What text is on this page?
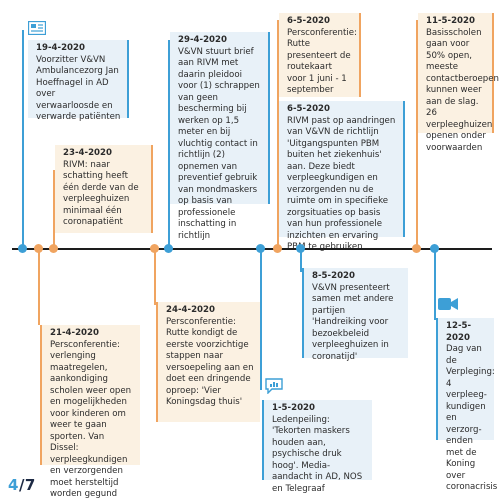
19-4-2020
Voorzitter V&VN Ambulancezorg Jan Hoeffnagel in AD over verwaarloosde en verwarde patiënten
23-4-2020
RIVM: naar schatting heeft één derde van de verpleeghuizen minimaal één coronapatiënt
29-4-2020
V&VN stuurt brief aan RIVM met daarin pleidooi voor (1) schrappen van geen bescherming bij werken op 1,5 meter en bij vluchtig contact in richtlijn (2) opnemen van preventief gebruik van mondmaskers op basis van professionele inschatting in richtlijn
6-5-2020
Persconferentie: Rutte presenteert de routekaart voor 1 juni - 1 september
6-5-2020
RIVM past op aandringen van V&VN de richtlijn 'Uitgangspunten PBM buiten het ziekenhuis' aan. Deze biedt verpleegkundigen en verzorgenden nu de ruimte om in specifieke zorgsituaties op basis van hun professionele inzichten en ervaring
11-5-2020
Basisscholen gaan voor 50% open, meeste contactberoepen kunnen weer aan de slag. 26 verpleeghuizen openen onder voorwaarden
21-4-2020
Persconferentie: verlenging maatregelen, aankondiging scholen weer open en mogelijkheden voor kinderen om weer te gaan sporten. Van Dissel: verpleegkundigen en verzorgenden moet hersteltijd worden gegund
24-4-2020
Persconferentie: Rutte kondigt de eerste voorzichtige stappen naar versoepeling aan en doet een dringende oproep: 'Vier Koningsdag thuis'
1-5-2020
Ledenpeiling: 'Tekorten maskers houden aan, psychische druk hoog'. Media-aandacht in AD, NOS en Telegraaf
8-5-2020
V&VN presenteert samen met andere partijen 'Handreiking voor bezoekbeleid verpleeghuizen in coronatijd'
12-5-2020
Dag van de Verpleging: 4 verpleeg-kundigen en verzorg-enden met de Koning over coronacrisis
4/7
